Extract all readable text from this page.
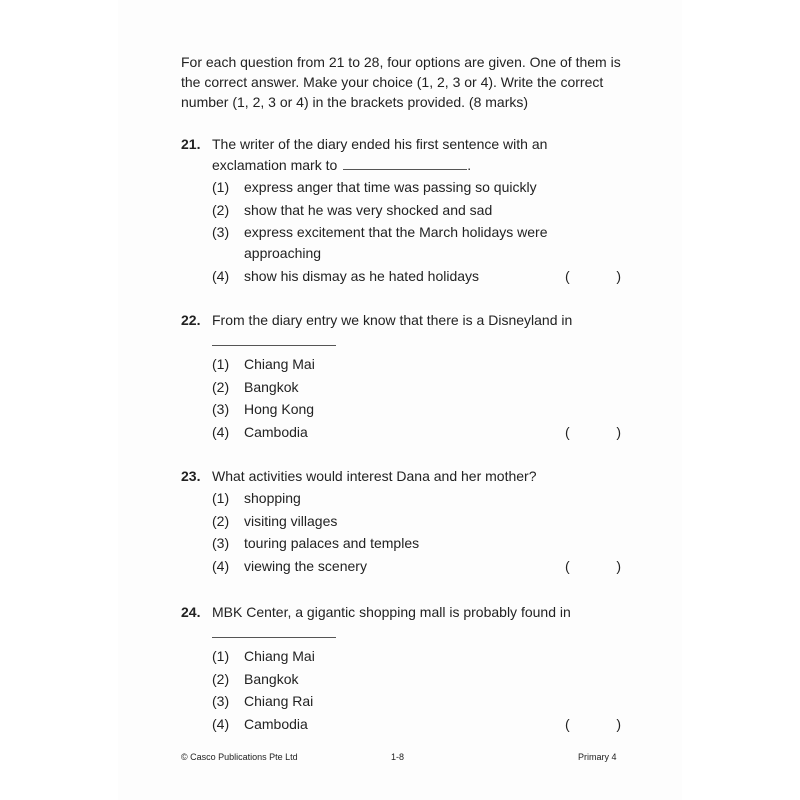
For each question from 21 to 28, four options are given. One of them is the correct answer. Make your choice (1, 2, 3 or 4). Write the correct number (1, 2, 3 or 4) in the brackets provided. (8 marks)

21. The writer of the diary ended his first sentence with an
exclamation mark to	.
(1) express anger that time was passing so quickly
(2) show that he was very shocked and sad
(3) express excitement that the March holidays were
approaching
(4) show his dismay as he hated holidays	(	)
22. From the diary entry we know that there is a Disneyland in
(1) Chiang Mai
(2) Bangkok
(3) Hong Kong
(4) Cambodia	(	)
23. What activities would interest Dana and her mother?
(1) shopping
(2) visiting villages
(3) touring palaces and temples
(4) viewing the scenery	(	)
24. MBK Center, a gigantic shopping mall is probably found in
(1) Chiang Mai
(2) Bangkok
(3) Chiang Rai
(4) Cambodia	(	)
© Casco Publications Pte Ltd	1-8	Primary 4
